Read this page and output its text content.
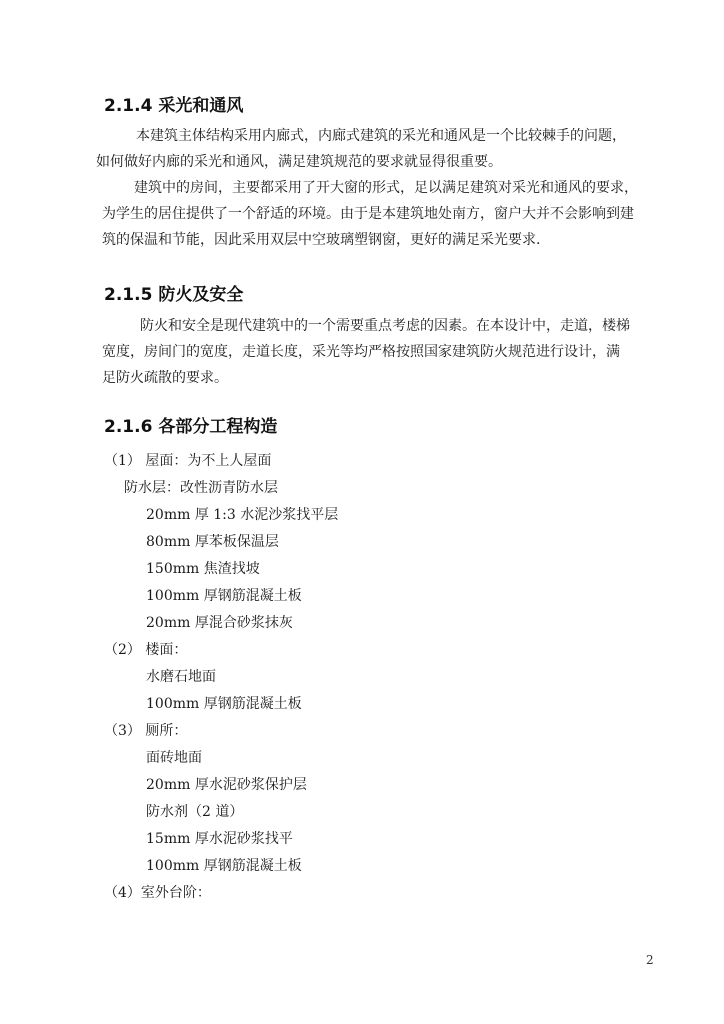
2.1.4 采光和通风

本建筑主体结构采用内廊式，内廊式建筑的采光和通风是一个比较棘手的问题，

如何做好内廊的采光和通风，满足建筑规范的要求就显得很重要。

建筑中的房间，主要都采用了开大窗的形式，足以满足建筑对采光和通风的要求，

为学生的居住提供了一个舒适的环境。由于是本建筑地处南方，窗户大并不会影响到建

筑的保温和节能，因此采用双层中空玻璃塑钢窗，更好的满足采光要求.

2.1.5 防火及安全

防火和安全是现代建筑中的一个需要重点考虑的因素。在本设计中，走道，楼梯

宽度，房间门的宽度，走道长度，采光等均严格按照国家建筑防火规范进行设计，满

足防火疏散的要求。

2.1.6 各部分工程构造

（1） 屋面：为不上人屋面

防水层：改性沥青防水层

20mm 厚 1:3 水泥沙浆找平层

80mm 厚苯板保温层

150mm 焦渣找坡

100mm 厚钢筋混凝土板

20mm 厚混合砂浆抹灰

（2） 楼面：

水磨石地面

100mm 厚钢筋混凝土板

（3） 厕所：

面砖地面

20mm 厚水泥砂浆保护层

防水剂（2 道）

15mm 厚水泥砂浆找平

100mm 厚钢筋混凝土板

（4）室外台阶：

2
